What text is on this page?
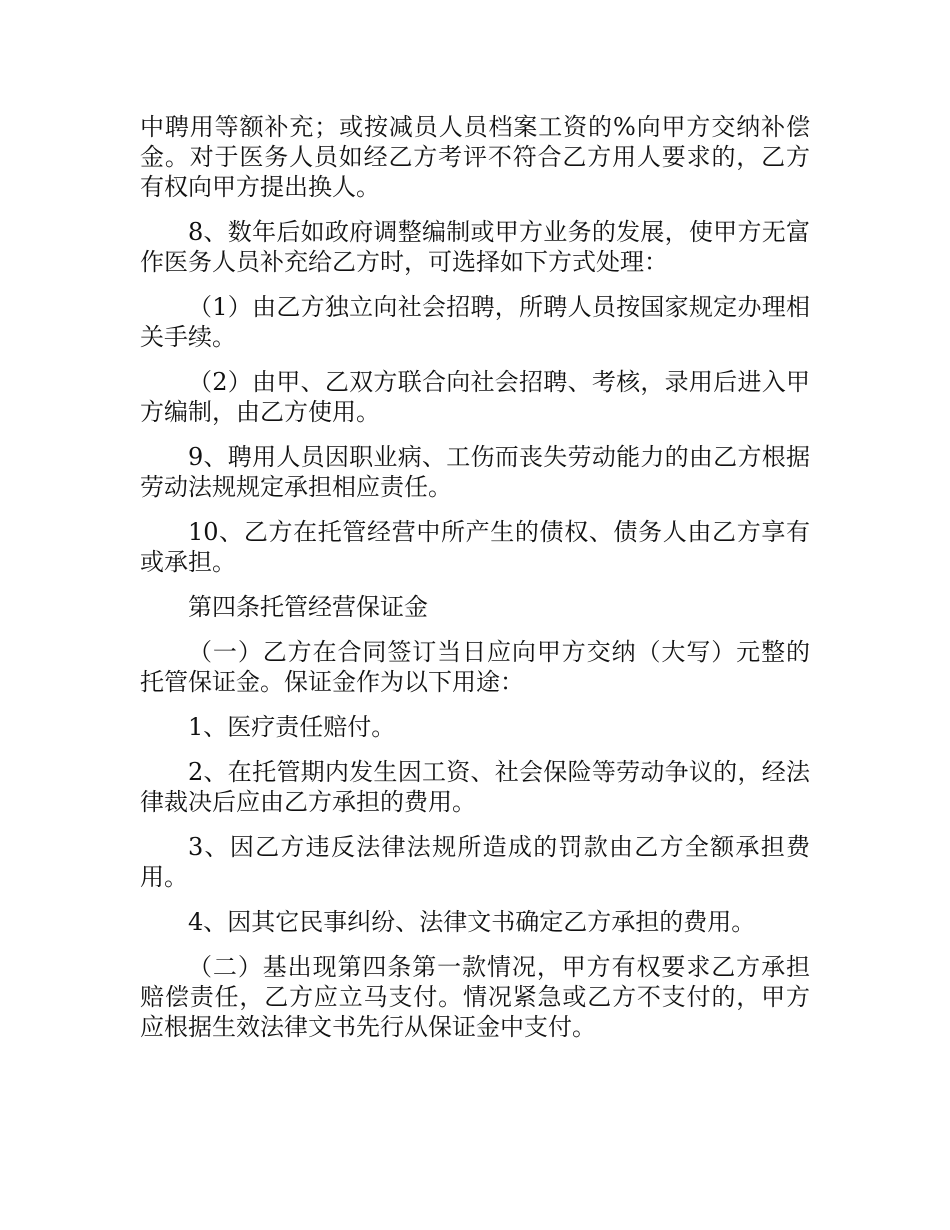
中聘用等额补充；或按减员人员档案工资的%向甲方交纳补偿金。对于医务人员如经乙方考评不符合乙方用人要求的，乙方有权向甲方提出换人。

8、数年后如政府调整编制或甲方业务的发展，使甲方无富作医务人员补充给乙方时，可选择如下方式处理：

（1）由乙方独立向社会招聘，所聘人员按国家规定办理相关手续。

（2）由甲、乙双方联合向社会招聘、考核，录用后进入甲方编制，由乙方使用。

9、聘用人员因职业病、工伤而丧失劳动能力的由乙方根据劳动法规规定承担相应责任。

10、乙方在托管经营中所产生的债权、债务人由乙方享有或承担。

第四条托管经营保证金

（一）乙方在合同签订当日应向甲方交纳（大写）元整的托管保证金。保证金作为以下用途：

1、医疗责任赔付。

2、在托管期内发生因工资、社会保险等劳动争议的，经法律裁决后应由乙方承担的费用。

3、因乙方违反法律法规所造成的罚款由乙方全额承担费用。

4、因其它民事纠纷、法律文书确定乙方承担的费用。

（二）基出现第四条第一款情况，甲方有权要求乙方承担赔偿责任，乙方应立马支付。情况紧急或乙方不支付的，甲方应根据生效法律文书先行从保证金中支付。
